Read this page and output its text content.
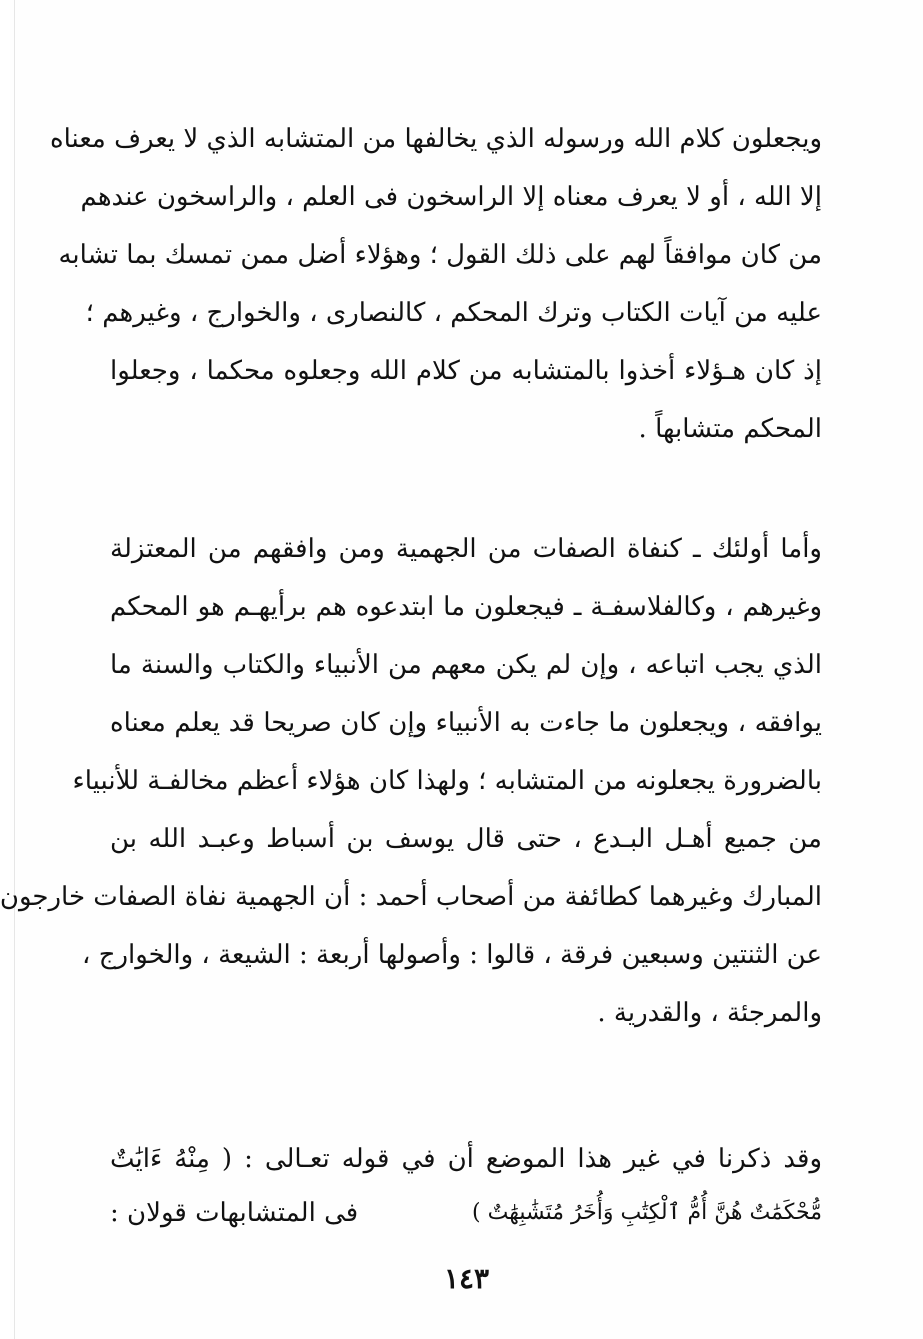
ويجعلون كلام الله ورسوله الذي يخالفها من المتشابه الذي لا يعرف معناه
إلا الله ، أو لا يعرف معناه إلا الراسخون فى العلم ، والراسخون عندهم
من كان موافقاً لهم على ذلك القول ؛ وهؤلاء أضل ممن تمسك بما تشابه
عليه من آيات الكتاب وترك المحكم ، كالنصارى ، والخوارج ، وغيرهم ؛
إذ كان هـؤلاء أخذوا بالمتشابه من كلام الله وجعلوه محكما ، وجعلوا
المحكم متشابهاً .
وأما أولئك ـ كنفاة الصفات من الجهمية ومن وافقهم من المعتزلة
وغيرهم ، وكالفلاسفـة ـ فيجعلون ما ابتدعوه هم برأيهـم هو المحكم
الذي يجب اتباعه ، وإن لم يكن معهم من الأنبياء والكتاب والسنة ما
يوافقه ، ويجعلون ما جاءت به الأنبياء وإن كان صريحا قد يعلم معناه
بالضرورة يجعلونه من المتشابه ؛ ولهذا كان هؤلاء أعظم مخالفـة للأنبياء
من جميع أهـل البـدع ، حتى قال يوسف بن أسباط وعبـد الله بن
المبارك وغيرهما كطائفة من أصحاب أحمد : أن الجهمية نفاة الصفات خارجون
عن الثنتين وسبعين فرقة ، قالوا : وأصولها أربعة : الشيعة ، والخوارج ،
والمرجئة ، والقدرية .
وقد ذكرنا في غير هذا الموضع أن في قوله تعـالى : ( مِنْهُ ءَايَٰتٌ
مُّحْكَمَٰتٌ هُنَّ أُمُّ ٱلْكِتَٰبِ وَأُخَرُ مُتَشَٰبِهَٰتٌ )
فى المتشابهات قولان :
١٤٣
